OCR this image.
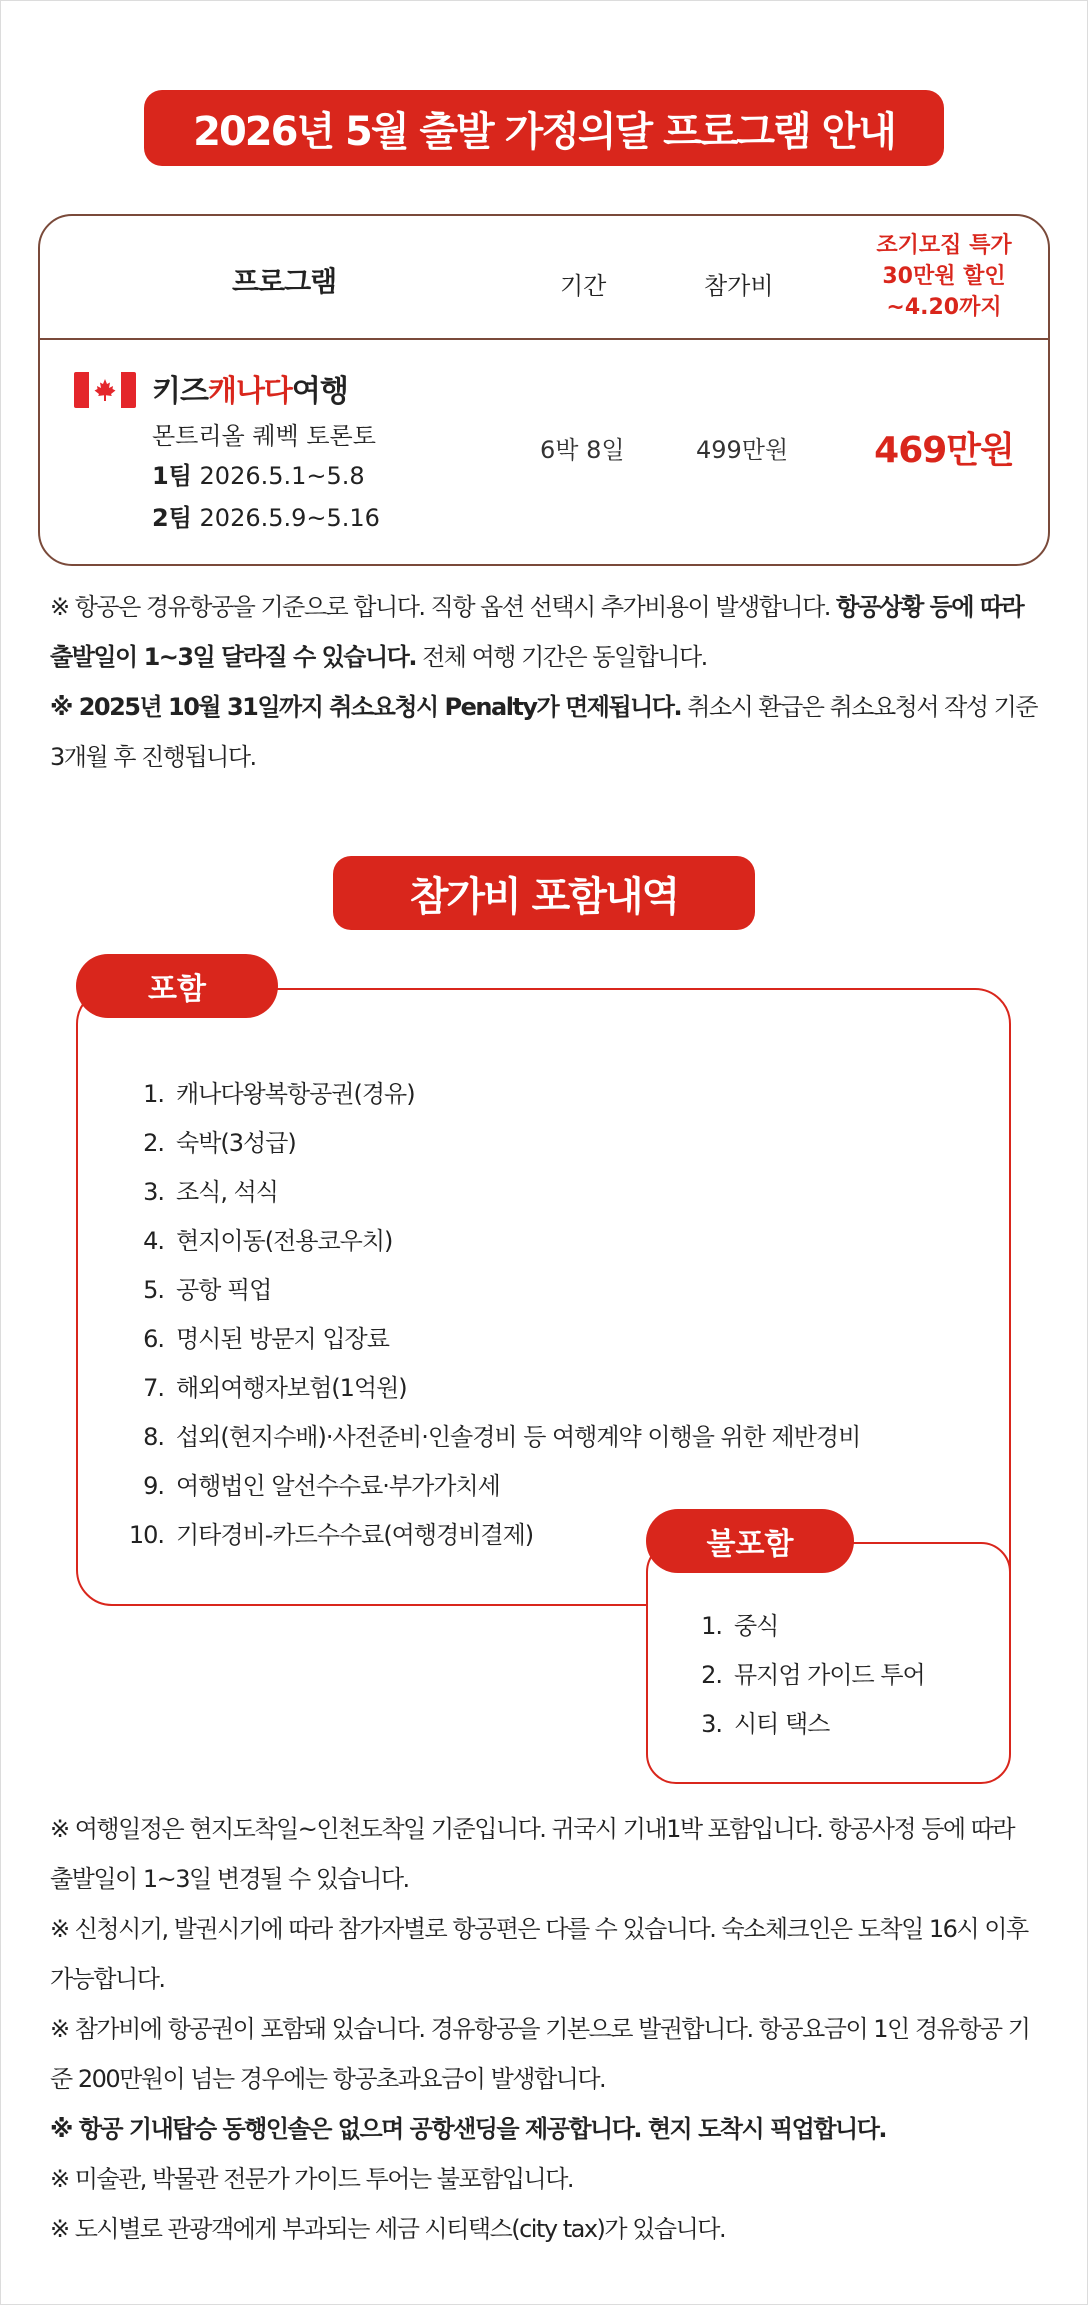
2026년 5월 출발 가정의달 프로그램 안내
프로그램	기간	참가비
조기모집 특가
30만원 할인
~4.20까지
키즈캐나다여행
몬트리올 퀘벡 토론토
1팀 2026.5.1~5.8
2팀 2026.5.9~5.16
6박 8일	499만원	469만원

※ 항공은 경유항공을 기준으로 합니다. 직항 옵션 선택시 추가비용이 발생합니다. 항공상황 등에 따라 출발일이 1~3일 달라질 수 있습니다. 전체 여행 기간은 동일합니다.

※ 2025년 10월 31일까지 취소요청시 Penalty가 면제됩니다. 취소시 환급은 취소요청서 작성 기준 3개월 후 진행됩니다.

참가비 포함내역
포함
1. 캐나다왕복항공권(경유)
2. 숙박(3성급)
3. 조식, 석식
4. 현지이동(전용코우치)
5. 공항 픽업
6. 명시된 방문지 입장료
7. 해외여행자보험(1억원)
8. 섭외(현지수배)·사전준비·인솔경비 등 여행계약 이행을 위한 제반경비
9. 여행법인 알선수수료·부가가치세
10. 기타경비-카드수수료(여행경비결제)	불포함
1. 중식
2. 뮤지엄 가이드 투어
3. 시티 택스

※ 여행일정은 현지도착일~인천도착일 기준입니다. 귀국시 기내1박 포함입니다. 항공사정 등에 따라 출발일이 1~3일 변경될 수 있습니다.

※ 신청시기, 발권시기에 따라 참가자별로 항공편은 다를 수 있습니다. 숙소체크인은 도착일 16시 이후 가능합니다.

※ 참가비에 항공권이 포함돼 있습니다. 경유항공을 기본으로 발권합니다. 항공요금이 1인 경유항공 기준 200만원이 넘는 경우에는 항공초과요금이 발생합니다.

※ 항공 기내탑승 동행인솔은 없으며 공항샌딩을 제공합니다. 현지 도착시 픽업합니다.

※ 미술관, 박물관 전문가 가이드 투어는 불포함입니다.

※ 도시별로 관광객에게 부과되는 세금 시티택스(city tax)가 있습니다.
